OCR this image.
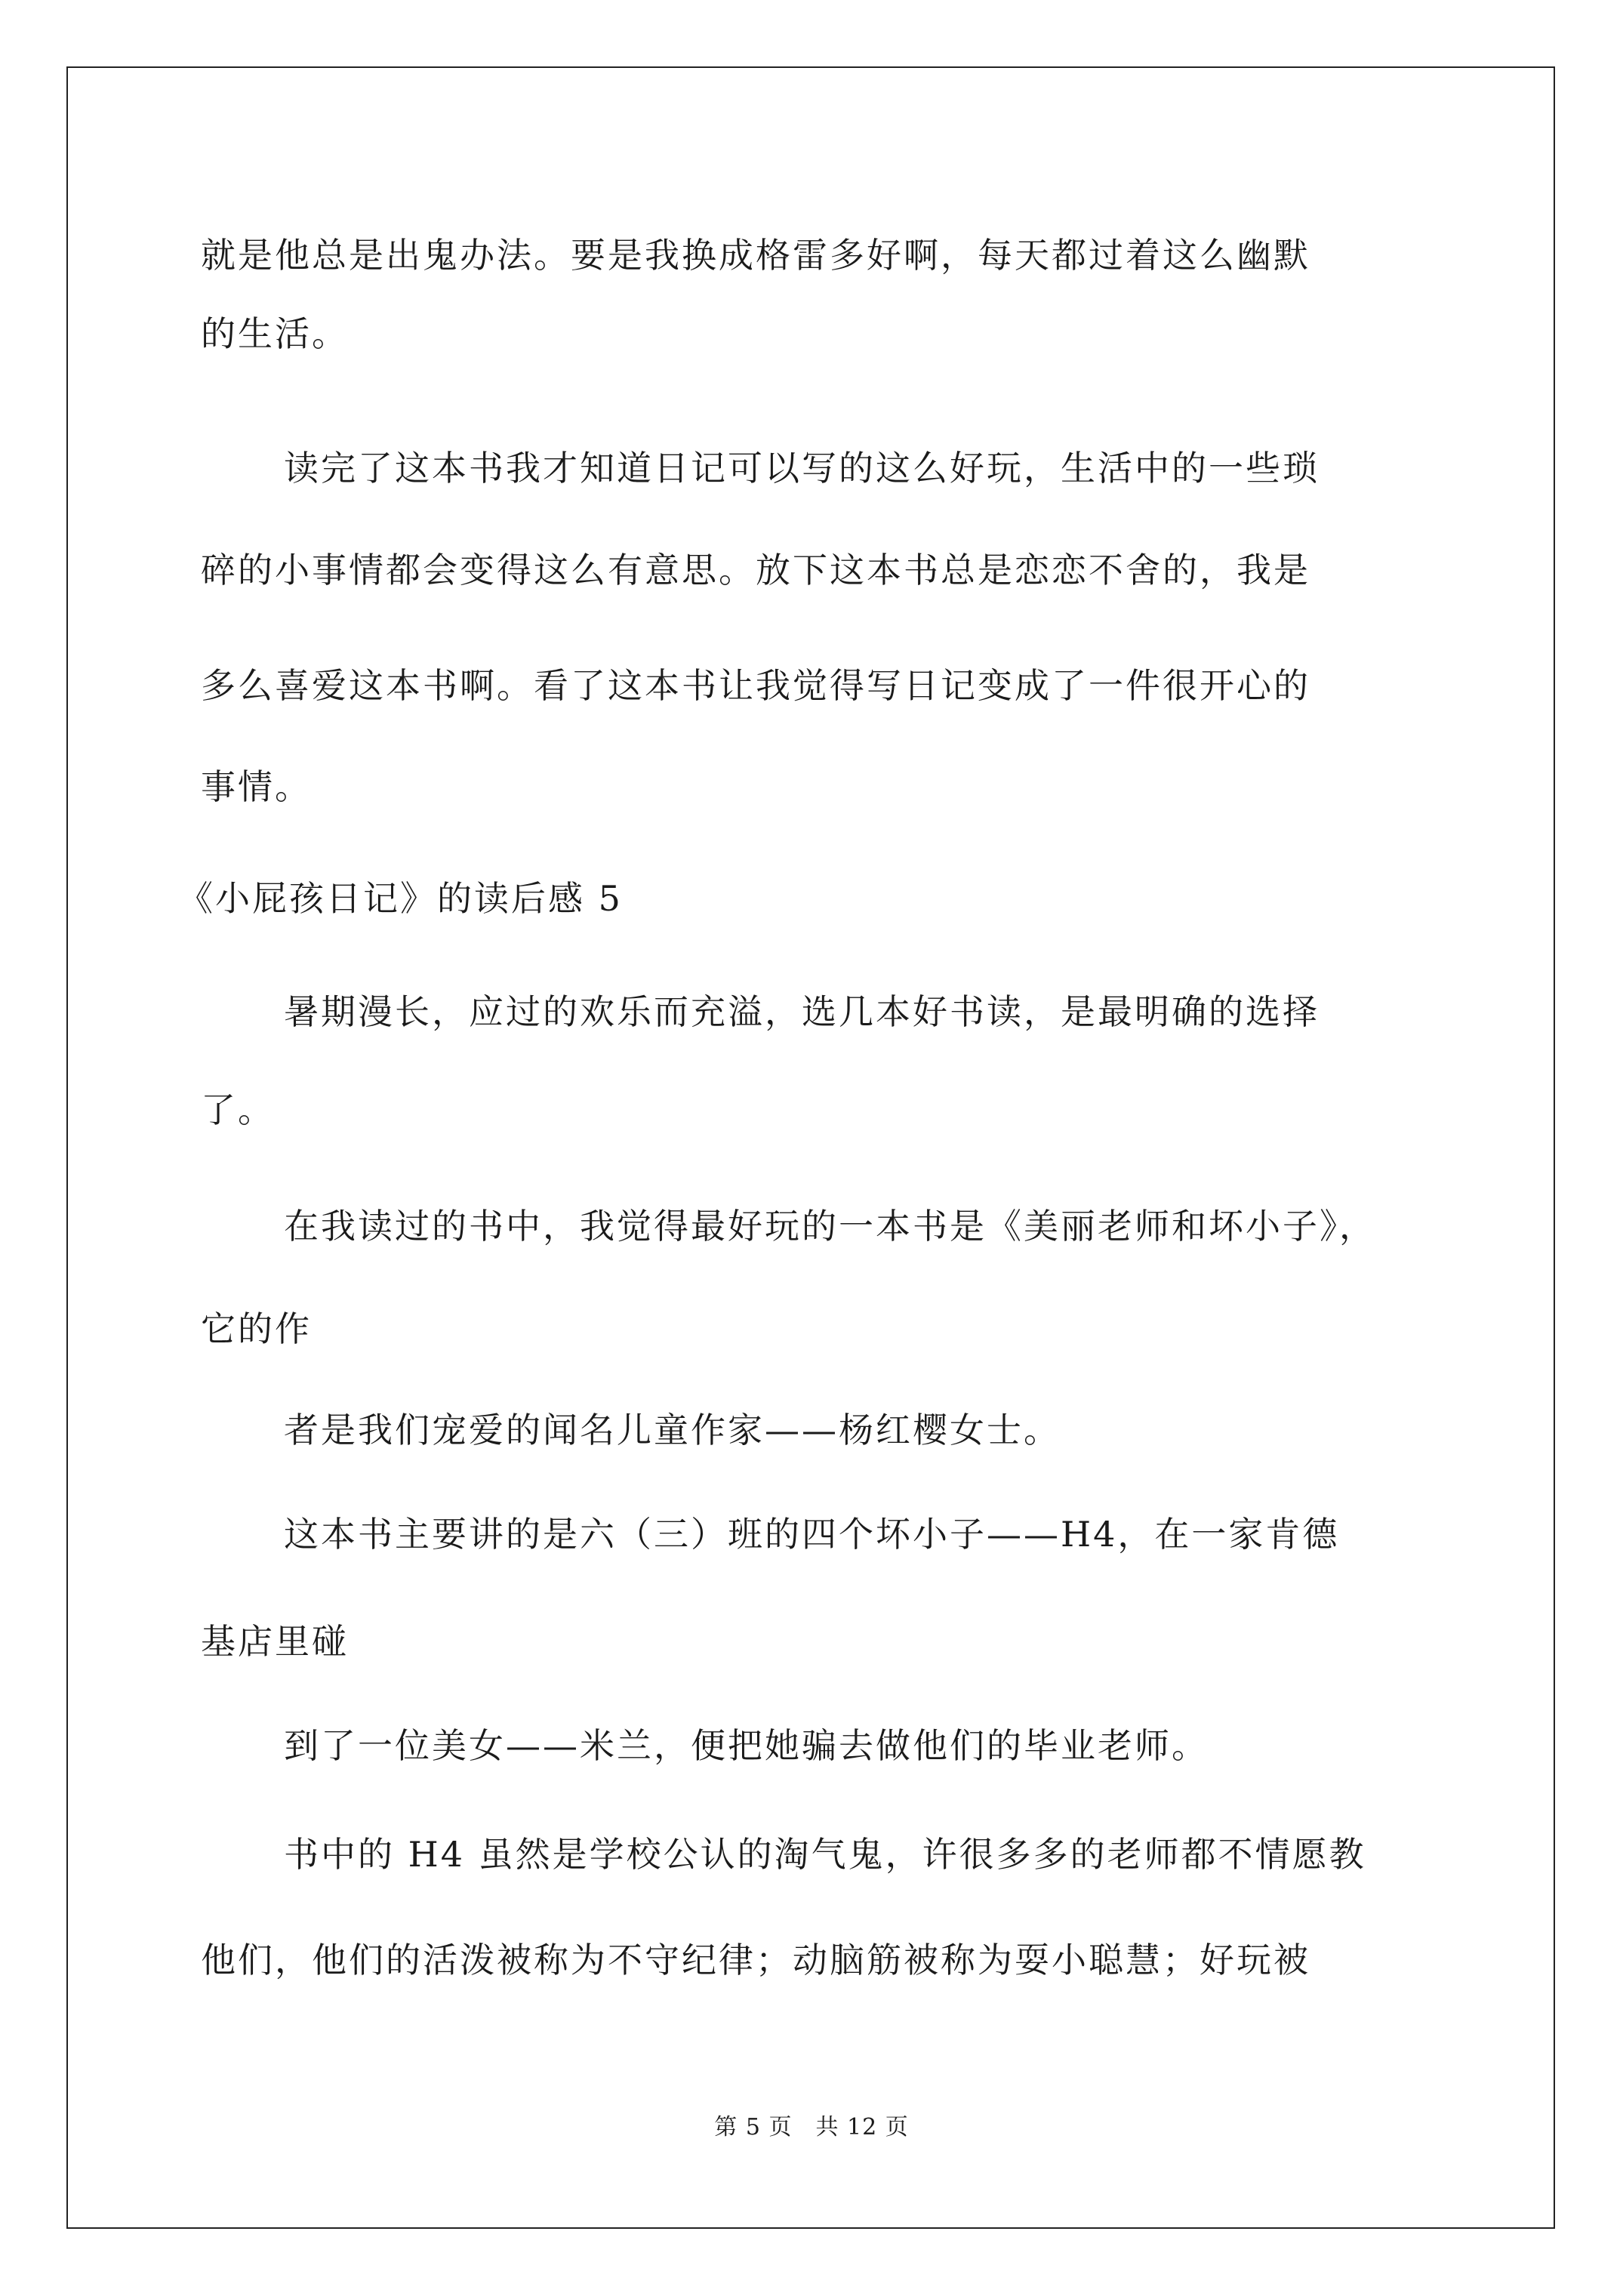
就是他总是出鬼办法。要是我换成格雷多好啊，每天都过着这么幽默
的生活。
读完了这本书我才知道日记可以写的这么好玩，生活中的一些琐
碎的小事情都会变得这么有意思。放下这本书总是恋恋不舍的，我是
多么喜爱这本书啊。看了这本书让我觉得写日记变成了一件很开心的
事情。
《小屁孩日记》的读后感 5
暑期漫长，应过的欢乐而充溢，选几本好书读，是最明确的选择
了。
在我读过的书中，我觉得最好玩的一本书是《美丽老师和坏小子》，
它的作
者是我们宠爱的闻名儿童作家——杨红樱女士。
这本书主要讲的是六（三）班的四个坏小子——H4，在一家肯德
基店里碰
到了一位美女——米兰，便把她骗去做他们的毕业老师。
书中的 H4 虽然是学校公认的淘气鬼，许很多多的老师都不情愿教
他们，他们的活泼被称为不守纪律；动脑筋被称为耍小聪慧；好玩被
第 5 页　共 12 页
